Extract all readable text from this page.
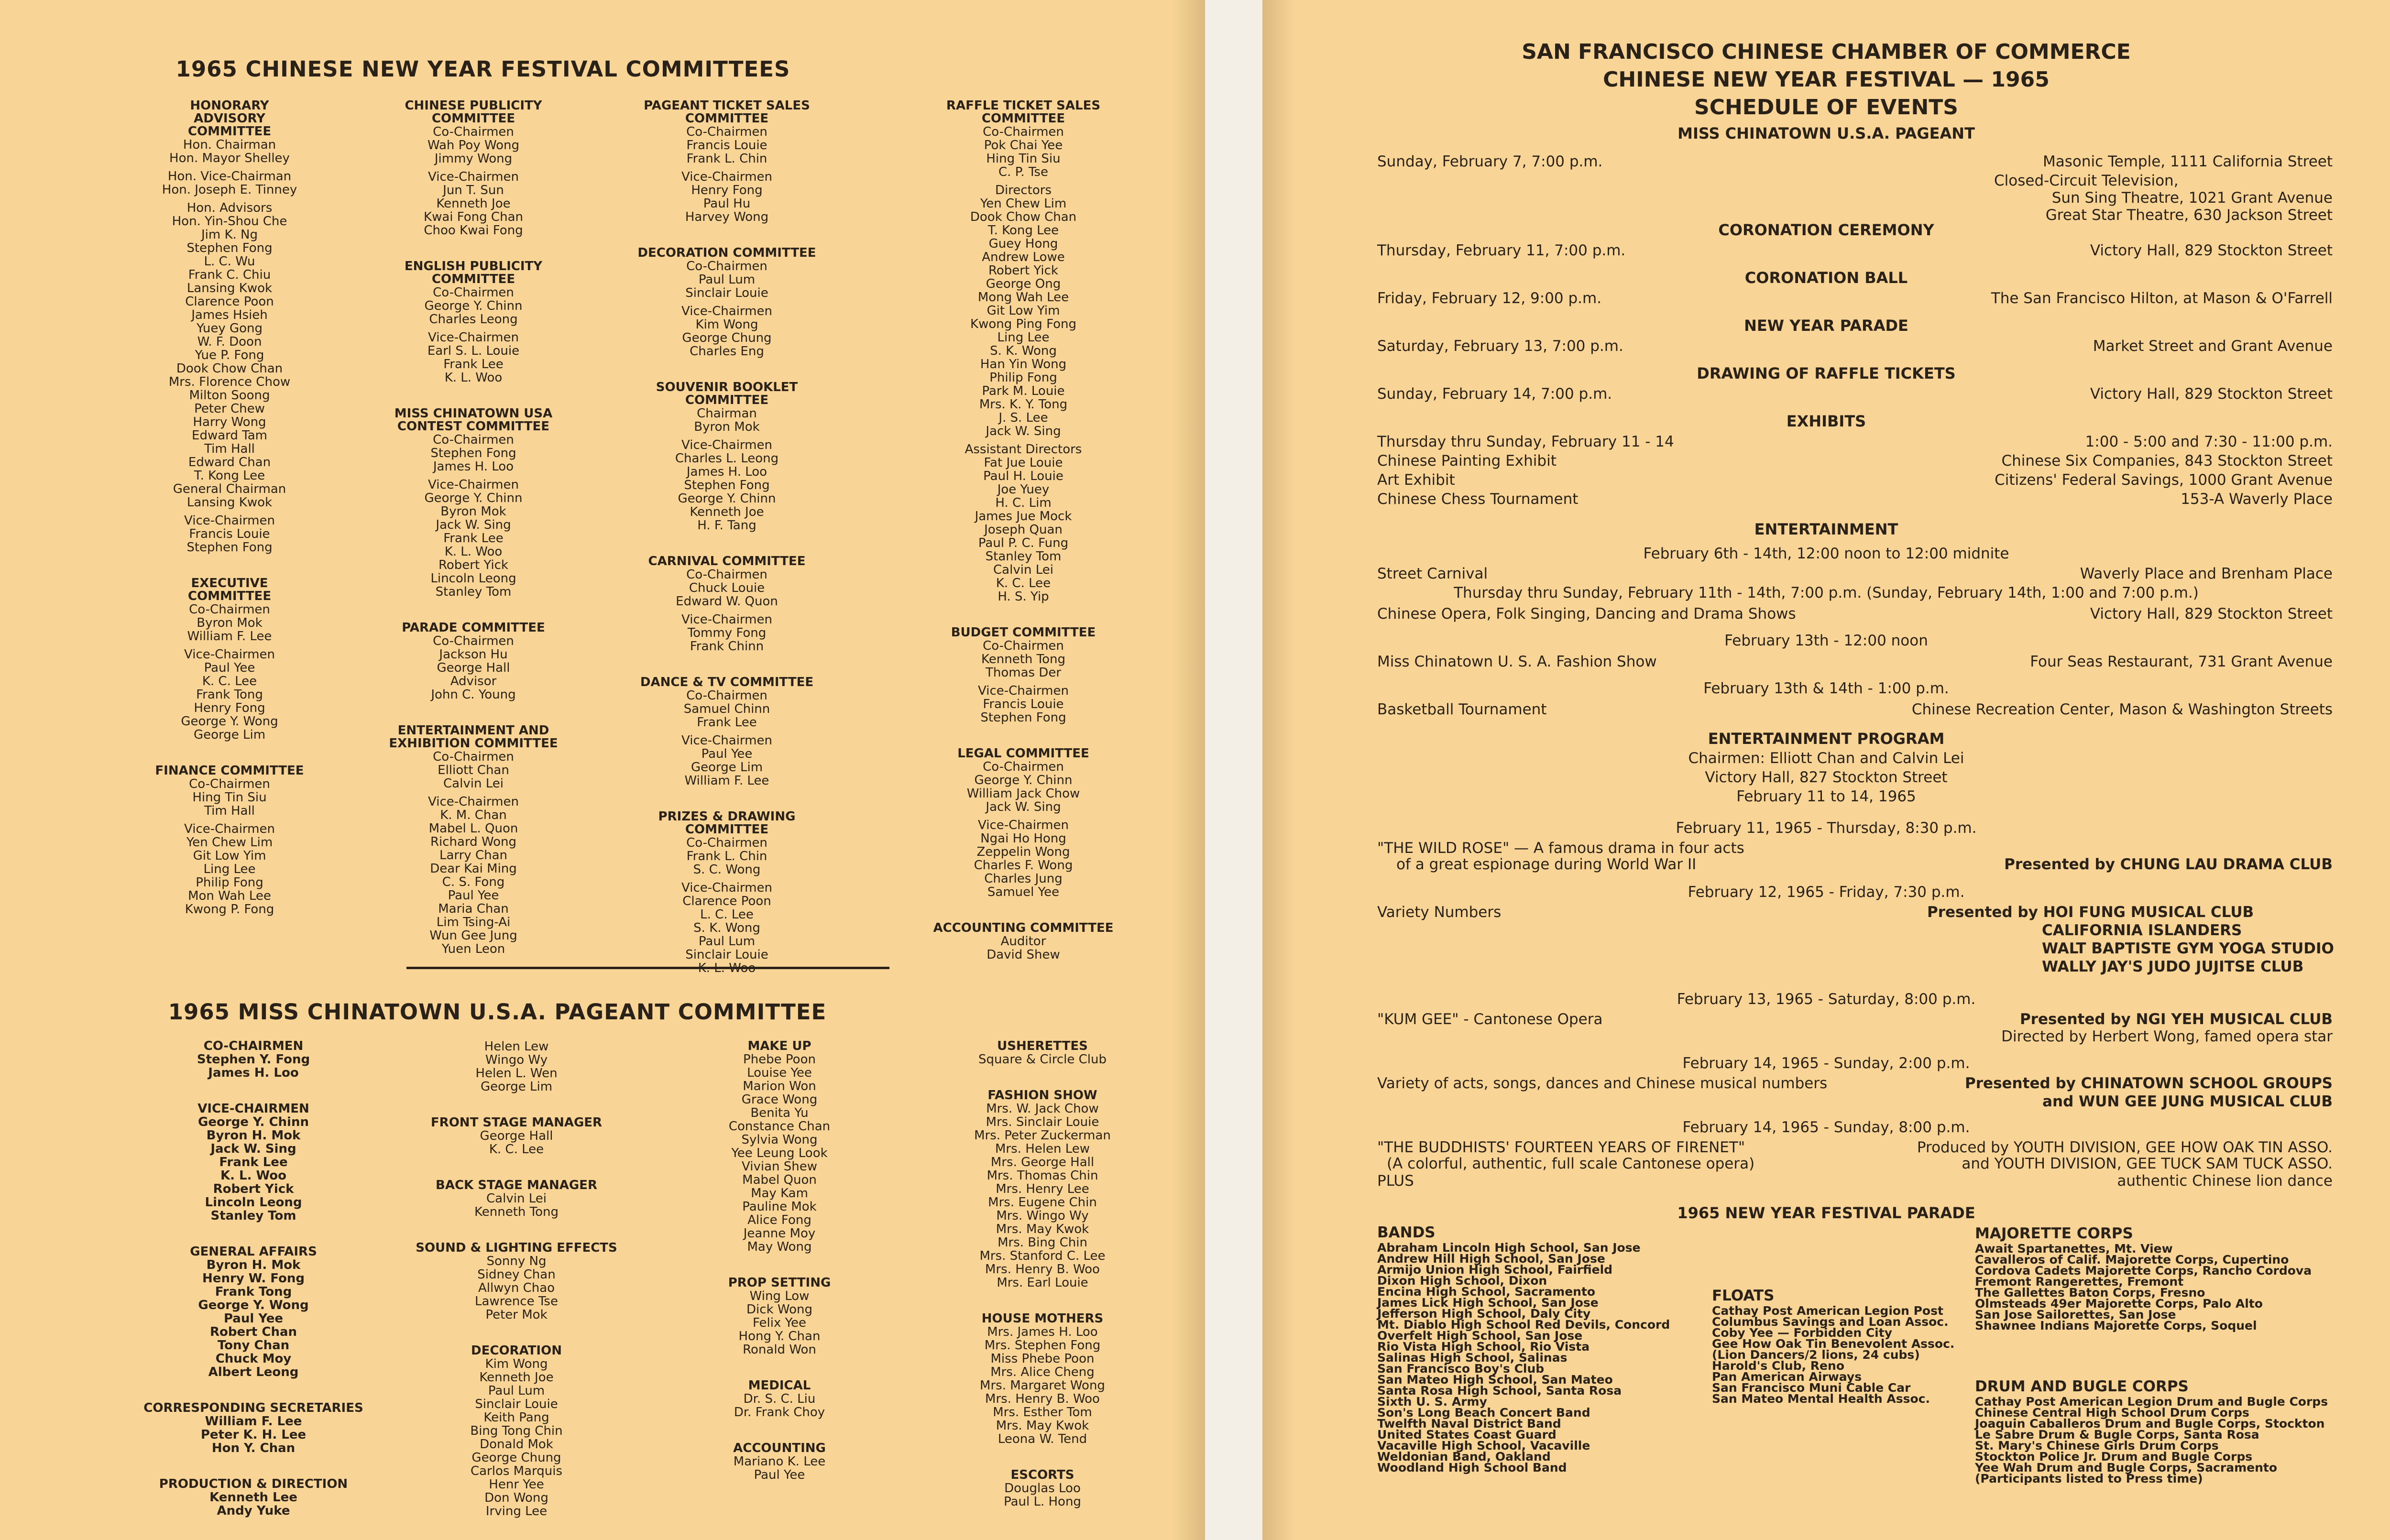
1965 CHINESE NEW YEAR FESTIVAL COMMITTEES
HONORARY ADVISORY COMMITTEE
Hon. Chairman
Hon. Mayor Shelley
Hon. Vice-Chairman
Hon. Joseph E. Tinney
Hon. Advisors
Hon. Yin-Shou Che
Jim K. Ng
Stephen Fong
L. C. Wu
Frank C. Chiu
Lansing Kwok
Clarence Poon
James Hsieh
Yuey Gong
W. F. Doon
Yue P. Fong
Dook Chow Chan
Mrs. Florence Chow
Milton Soong
Peter Chew
Harry Wong
Edward Tam
Tim Hall
Edward Chan
T. Kong Lee
General Chairman
Lansing Kwok
Vice-Chairmen
Francis Louie
Stephen Fong
EXECUTIVE COMMITTEE
Co-Chairmen
Byron Mok
William F. Lee
Vice-Chairmen
Paul Yee
K. C. Lee
Frank Tong
Henry Fong
George Y. Wong
George Lim
FINANCE COMMITTEE
Co-Chairmen
Hing Tin Siu
Tim Hall
Vice-Chairmen
Yen Chew Lim
Git Low Yim
Ling Lee
Philip Fong
Mon Wah Lee
Kwong P. Fong
CHINESE PUBLICITY COMMITTEE
Co-Chairmen
Wah Poy Wong
Jimmy Wong
Vice-Chairmen
Jun T. Sun
Kenneth Joe
Kwai Fong Chan
Choo Kwai Fong
ENGLISH PUBLICITY COMMITTEE
Co-Chairmen
George Y. Chinn
Charles Leong
Vice-Chairmen
Earl S. L. Louie
Frank Lee
K. L. Woo
MISS CHINATOWN USA CONTEST COMMITTEE
Co-Chairmen
Stephen Fong
James H. Loo
Vice-Chairmen
George Y. Chinn
Byron Mok
Jack W. Sing
Frank Lee
K. L. Woo
Robert Yick
Lincoln Leong
Stanley Tom
PARADE COMMITTEE
Co-Chairmen
Jackson Hu
George Hall
Advisor
John C. Young
ENTERTAINMENT AND EXHIBITION COMMITTEE
Co-Chairmen
Elliott Chan
Calvin Lei
Vice-Chairmen
K. M. Chan
Mabel L. Quon
Richard Wong
Larry Chan
Dear Kai Ming
C. S. Fong
Paul Yee
Maria Chan
Lim Tsing-Ai
Wun Gee Jung
Yuen Leon
PAGEANT TICKET SALES COMMITTEE
Co-Chairmen
Francis Louie
Frank L. Chin
Vice-Chairmen
Henry Fong
Paul Hu
Harvey Wong
DECORATION COMMITTEE
Co-Chairmen
Paul Lum
Sinclair Louie
Vice-Chairmen
Kim Wong
George Chung
Charles Eng
SOUVENIR BOOKLET COMMITTEE
Chairman
Byron Mok
Vice-Chairmen
Charles L. Leong
James H. Loo
Stephen Fong
George Y. Chinn
Kenneth Joe
H. F. Tang
CARNIVAL COMMITTEE
Co-Chairmen
Chuck Louie
Edward W. Quon
Vice-Chairmen
Tommy Fong
Frank Chinn
DANCE & TV COMMITTEE
Co-Chairmen
Samuel Chinn
Frank Lee
Vice-Chairmen
Paul Yee
George Lim
William F. Lee
PRIZES & DRAWING COMMITTEE
Co-Chairmen
Frank L. Chin
S. C. Wong
Vice-Chairmen
Clarence Poon
L. C. Lee
S. K. Wong
Paul Lum
Sinclair Louie
RAFFLE TICKET SALES COMMITTEE
Co-Chairmen
Pok Chai Yee
Hing Tin Siu
C. P. Tse
Directors
Yen Chew Lim
Dook Chow Chan
T. Kong Lee
Guey Hong
Andrew Lowe
Robert Yick
George Ong
Mong Wah Lee
Git Low Yim
Kwong Ping Fong
Ling Lee
S. K. Wong
Han Yin Wong
Philip Fong
Park M. Louie
Mrs. K. Y. Tong
J. S. Lee
Jack W. Sing
Assistant Directors
Fat Jue Louie
Paul H. Louie
Joe Yuey
H. C. Lim
James Jue Mock
Joseph Quan
Paul P. C. Fung
Stanley Tom
Calvin Lei
K. C. Lee
H. S. Yip
BUDGET COMMITTEE
Co-Chairmen
Kenneth Tong
Thomas Der
Vice-Chairmen
Francis Louie
Stephen Fong
LEGAL COMMITTEE
Co-Chairmen
George Y. Chinn
William Jack Chow
Jack W. Sing
Vice-Chairmen
Ngai Ho Hong
Zeppelin Wong
Charles F. Wong
Charles Jung
Samuel Yee
ACCOUNTING COMMITTEE
Auditor
David Shew
1965 MISS CHINATOWN U.S.A. PAGEANT COMMITTEE
CO-CHAIRMEN
Stephen Y. Fong
James H. Loo
VICE-CHAIRMEN
George Y. Chinn
Byron H. Mok
Jack W. Sing
Frank Lee
K. L. Woo
Robert Yick
Lincoln Leong
Stanley Tom
GENERAL AFFAIRS
Byron H. Mok
Henry W. Fong
Frank Tong
George Y. Wong
Paul Yee
Robert Chan
Tony Chan
Chuck Moy
Albert Leong
CORRESPONDING SECRETARIES
William F. Lee
Peter K. H. Lee
Hon Y. Chan
PRODUCTION & DIRECTION
Kenneth Lee
Andy Yuke
Helen Lew
Wingo Wy
Helen L. Wen
George Lim
FRONT STAGE MANAGER
George Hall
K. C. Lee
BACK STAGE MANAGER
Calvin Lei
Kenneth Tong
SOUND & LIGHTING EFFECTS
Sonny Ng
Sidney Chan
Allwyn Chao
Lawrence Tse
Peter Mok
DECORATION
Kim Wong
Kenneth Joe
Paul Lum
Sinclair Louie
Keith Pang
Bing Tong Chin
Donald Mok
George Chung
Carlos Marquis
Henr Yee
Don Wong
Irving Lee
MAKE UP
Phebe Poon
Louise Yee
Marion Won
Grace Wong
Benita Yu
Constance Chan
Sylvia Wong
Yee Leung Look
Vivian Shew
Mabel Quon
May Kam
Pauline Mok
Alice Fong
Jeanne Moy
May Wong
PROP SETTING
Wing Low
Dick Wong
Felix Yee
Hong Y. Chan
Ronald Won
MEDICAL
Dr. S. C. Liu
Dr. Frank Choy
ACCOUNTING
Mariano K. Lee
Paul Yee
USHERETTES
Square & Circle Club
FASHION SHOW
Mrs. W. Jack Chow
Mrs. Sinclair Louie
Mrs. Peter Zuckerman
Mrs. Helen Lew
Mrs. George Hall
Mrs. Thomas Chin
Mrs. Henry Lee
Mrs. Eugene Chin
Mrs. Wingo Wy
Mrs. May Kwok
Mrs. Bing Chin
Mrs. Stanford C. Lee
Mrs. Henry B. Woo
Mrs. Earl Louie
HOUSE MOTHERS
Mrs. James H. Loo
Mrs. Stephen Fong
Miss Phebe Poon
Mrs. Alice Cheng
Mrs. Margaret Wong
Mrs. Henry B. Woo
Mrs. Esther Tom
Mrs. May Kwok
Leona W. Tend
ESCORTS
Douglas Loo
Paul L. Hong
SAN FRANCISCO CHINESE CHAMBER OF COMMERCE
CHINESE NEW YEAR FESTIVAL — 1965
SCHEDULE OF EVENTS
MISS CHINATOWN U.S.A. PAGEANT
Sunday, February 7, 7:00 p.m.	Masonic Temple, 1111 California Street
Closed-Circuit Television,
Sun Sing Theatre, 1021 Grant Avenue
Great Star Theatre, 630 Jackson Street
CORONATION CEREMONY
Thursday, February 11, 7:00 p.m.	Victory Hall, 829 Stockton Street
CORONATION BALL
Friday, February 12, 9:00 p.m.	The San Francisco Hilton, at Mason & O'Farrell
NEW YEAR PARADE
Saturday, February 13, 7:00 p.m.	Market Street and Grant Avenue
DRAWING OF RAFFLE TICKETS
Sunday, February 14, 7:00 p.m.	Victory Hall, 829 Stockton Street
EXHIBITS
Thursday thru Sunday, February 11 - 14	1:00 - 5:00 and 7:30 - 11:00 p.m.
Chinese Painting Exhibit	Chinese Six Companies, 843 Stockton Street
Art Exhibit	Citizens' Federal Savings, 1000 Grant Avenue
Chinese Chess Tournament	153-A Waverly Place
ENTERTAINMENT
February 6th - 14th, 12:00 noon to 12:00 midnite
Street Carnival	Waverly Place and Brenham Place
Thursday thru Sunday, February 11th - 14th, 7:00 p.m. (Sunday, February 14th, 1:00 and 7:00 p.m.)
Chinese Opera, Folk Singing, Dancing and Drama Shows	Victory Hall, 829 Stockton Street
February 13th - 12:00 noon
Miss Chinatown U. S. A. Fashion Show	Four Seas Restaurant, 731 Grant Avenue
February 13th & 14th - 1:00 p.m.
Basketball Tournament	Chinese Recreation Center, Mason & Washington Streets
ENTERTAINMENT PROGRAM
Chairmen: Elliott Chan and Calvin Lei
Victory Hall, 827 Stockton Street
February 11 to 14, 1965
February 11, 1965 - Thursday, 8:30 p.m.
"THE WILD ROSE" — A famous drama in four acts
of a great espionage during World War II	Presented by CHUNG LAU DRAMA CLUB
February 12, 1965 - Friday, 7:30 p.m.
Variety Numbers	Presented by HOI FUNG MUSICAL CLUB
CALIFORNIA ISLANDERS
WALT BAPTISTE GYM YOGA STUDIO
WALLY JAY'S JUDO JUJITSE CLUB
February 13, 1965 - Saturday, 8:00 p.m.
"KUM GEE" - Cantonese Opera	Presented by NGI YEH MUSICAL CLUB
Directed by Herbert Wong, famed opera star
February 14, 1965 - Sunday, 2:00 p.m.
Variety of acts, songs, dances and Chinese musical numbers	Presented by CHINATOWN SCHOOL GROUPS
and WUN GEE JUNG MUSICAL CLUB
February 14, 1965 - Sunday, 8:00 p.m.
"THE BUDDHISTS' FOURTEEN YEARS OF FIRENET"
(A colorful, authentic, full scale Cantonese opera)
Produced by YOUTH DIVISION, GEE HOW OAK TIN ASSO.
and YOUTH DIVISION, GEE TUCK SAM TUCK ASSO.
PLUS	authentic Chinese lion dance
1965 NEW YEAR FESTIVAL PARADE
BANDS
Abraham Lincoln High School, San Jose
Andrew Hill High School, San Jose
Armijo Union High School, Fairfield
Dixon High School, Dixon
Encina High School, Sacramento
James Lick High School, San Jose
Jefferson High School, Daly City
Mt. Diablo High School Red Devils, Concord
Overfelt High School, San Jose
Rio Vista High School, Rio Vista
Salinas High School, Salinas
San Francisco Boy's Club
San Mateo High School, San Mateo
Santa Rosa High School, Santa Rosa
Sixth U. S. Army
Son's Long Beach Concert Band
Twelfth Naval District Band
United States Coast Guard
Vacaville High School, Vacaville
Weldonian Band, Oakland
Woodland High School Band
FLOATS
Cathay Post American Legion Post
Columbus Savings and Loan Assoc.
Coby Yee — Forbidden City
Gee How Oak Tin Benevolent Assoc.
(Lion Dancers/2 lions, 24 cubs)
Harold's Club, Reno
Pan American Airways
San Francisco Muni Cable Car
San Mateo Mental Health Assoc.
MAJORETTE CORPS
Await Spartanettes, Mt. View
Cavalleros of Calif. Majorette Corps, Cupertino
Cordova Cadets Majorette Corps, Rancho Cordova
Fremont Rangerettes, Fremont
The Gallettes Baton Corps, Fresno
Olmsteads 49er Majorette Corps, Palo Alto
San Jose Sailorettes, San Jose
Shawnee Indians Majorette Corps, Soquel
DRUM AND BUGLE CORPS
Cathay Post American Legion Drum and Bugle Corps
Chinese Central High School Drum Corps
Joaquin Caballeros Drum and Bugle Corps, Stockton
Le Sabre Drum & Bugle Corps, Santa Rosa
St. Mary's Chinese Girls Drum Corps
Stockton Police Jr. Drum and Bugle Corps
Yee Wah Drum and Bugle Corps, Sacramento
(Participants listed to Press time)
